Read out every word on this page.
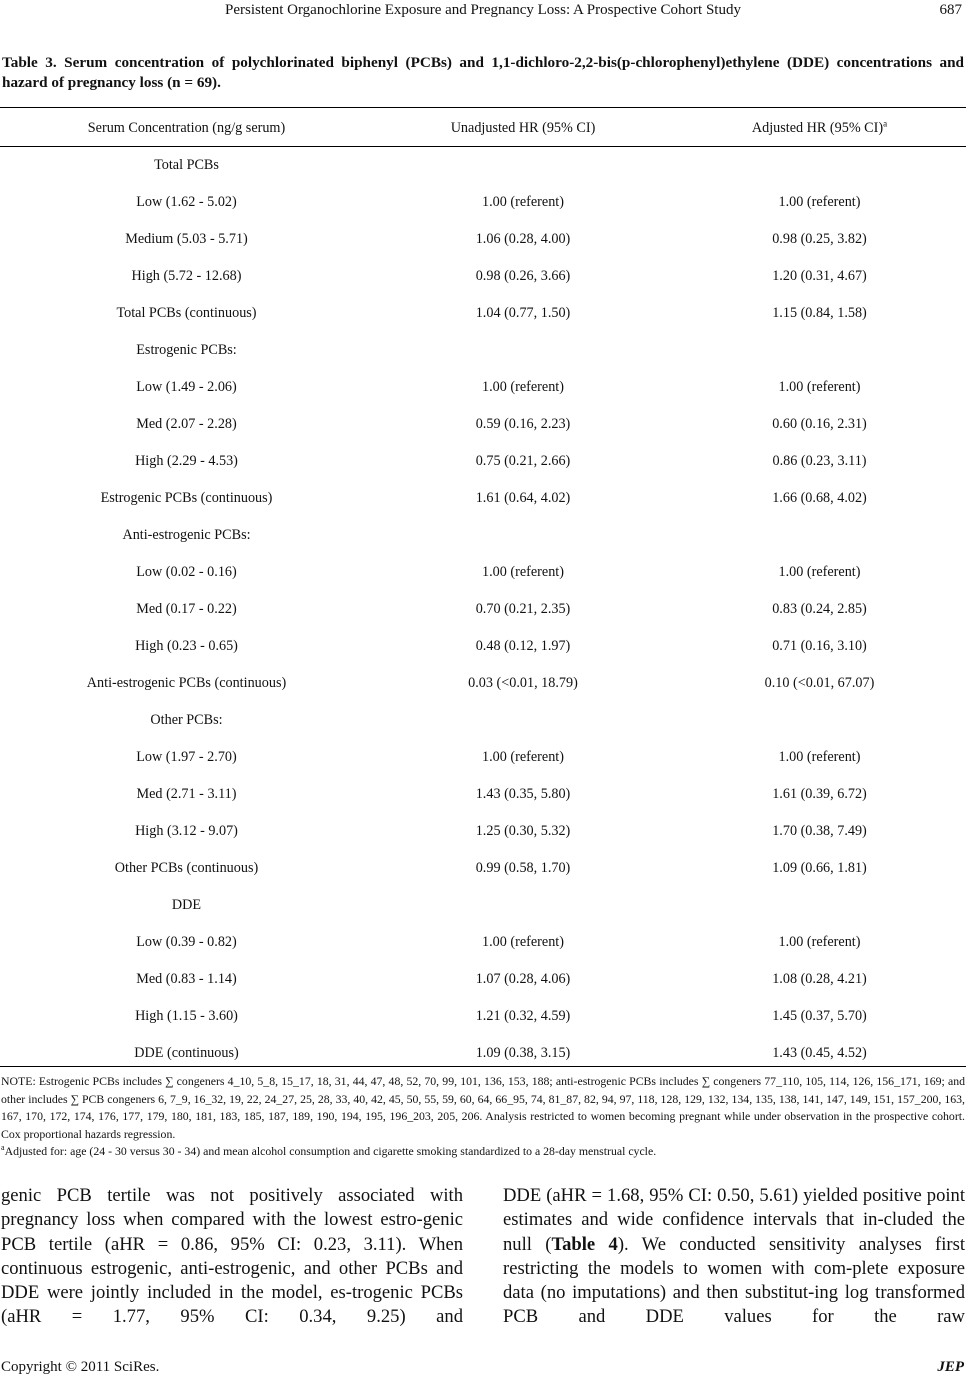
Persistent Organochlorine Exposure and Pregnancy Loss: A Prospective Cohort Study	687
Table 3. Serum concentration of polychlorinated biphenyl (PCBs) and 1,1-dichloro-2,2-bis(p-chlorophenyl)ethylene (DDE) concentrations and hazard of pregnancy loss (n = 69).
Serum Concentration (ng/g serum)	Unadjusted HR (95% CI)	Adjusted HR (95% CI)$^a$
Total PCBs
Low (1.62 - 5.02)	1.00 (referent)	1.00 (referent)
Medium (5.03 - 5.71)	1.06 (0.28, 4.00)	0.98 (0.25, 3.82)
High (5.72 - 12.68)	0.98 (0.26, 3.66)	1.20 (0.31, 4.67)
Total PCBs (continuous)	1.04 (0.77, 1.50)	1.15 (0.84, 1.58)
Estrogenic PCBs:
Low (1.49 - 2.06)	1.00 (referent)	1.00 (referent)
Med (2.07 - 2.28)	0.59 (0.16, 2.23)	0.60 (0.16, 2.31)
High (2.29 - 4.53)	0.75 (0.21, 2.66)	0.86 (0.23, 3.11)
Estrogenic PCBs (continuous)	1.61 (0.64, 4.02)	1.66 (0.68, 4.02)
Anti-estrogenic PCBs:
Low (0.02 - 0.16)	1.00 (referent)	1.00 (referent)
Med (0.17 - 0.22)	0.70 (0.21, 2.35)	0.83 (0.24, 2.85)
High (0.23 - 0.65)	0.48 (0.12, 1.97)	0.71 (0.16, 3.10)
Anti-estrogenic PCBs (continuous)	0.03 (<0.01, 18.79)	0.10 (<0.01, 67.07)
Other PCBs:
Low (1.97 - 2.70)	1.00 (referent)	1.00 (referent)
Med (2.71 - 3.11)	1.43 (0.35, 5.80)	1.61 (0.39, 6.72)
High (3.12 - 9.07)	1.25 (0.30, 5.32)	1.70 (0.38, 7.49)
Other PCBs (continuous)	0.99 (0.58, 1.70)	1.09 (0.66, 1.81)
DDE
Low (0.39 - 0.82)	1.00 (referent)	1.00 (referent)
Med (0.83 - 1.14)	1.07 (0.28, 4.06)	1.08 (0.28, 4.21)
High (1.15 - 3.60)	1.21 (0.32, 4.59)	1.45 (0.37, 5.70)
DDE (continuous)	1.09 (0.38, 3.15)	1.43 (0.45, 4.52)

NOTE: Estrogenic PCBs includes ∑ congeners 4_10, 5_8, 15_17, 18, 31, 44, 47, 48, 52, 70, 99, 101, 136, 153, 188; anti-estrogenic PCBs includes ∑ congeners 77_110, 105, 114, 126, 156_171, 169; and other includes ∑ PCB congeners 6, 7_9, 16_32, 19, 22, 24_27, 25, 28, 33, 40, 42, 45, 50, 55, 59, 60, 64, 66_95, 74, 81_87, 82, 94, 97, 118, 128, 129, 132, 134, 135, 138, 141, 147, 149, 151, 157_200, 163, 167, 170, 172, 174, 176, 177, 179, 180, 181, 183, 185, 187, 189, 190, 194, 195, 196_203, 205, 206. Analysis restricted to women becoming pregnant while under observation in the prospective cohort. Cox proportional hazards regression.

$^a$Adjusted for: age (24 - 30 versus 30 - 34) and mean alcohol consumption and cigarette smoking standardized to a 28-day menstrual cycle.

genic PCB tertile was not positively associated with pregnancy loss when compared with the lowest estro-genic PCB tertile (aHR = 0.86, 95% CI: 0.23, 3.11). When continuous estrogenic, anti-estrogenic, and other PCBs and DDE were jointly included in the model, es-trogenic PCBs (aHR = 1.77, 95% CI: 0.34, 9.25) and

DDE (aHR = 1.68, 95% CI: 0.50, 5.61) yielded positive point estimates and wide confidence intervals that in-cluded the null (Table 4). We conducted sensitivity analyses first restricting the models to women with com-plete exposure data (no imputations) and then substitut-ing log transformed PCB and DDE values for the raw

Copyright © 2011 SciRes.	JEP
